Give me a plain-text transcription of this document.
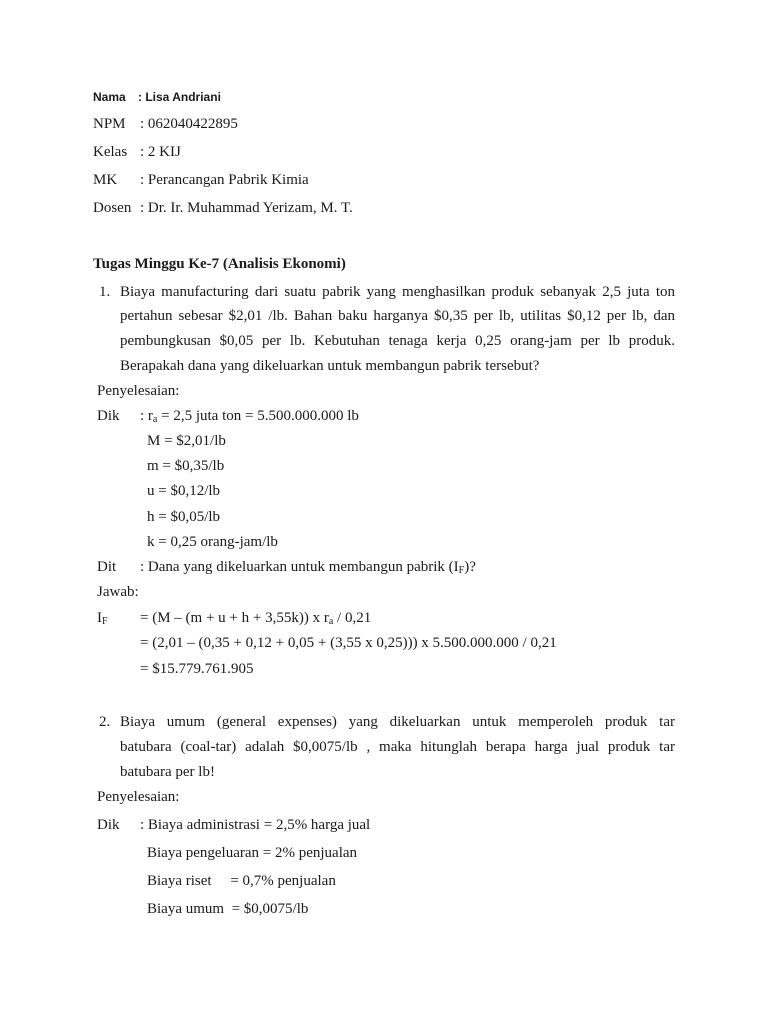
Nama : Lisa Andriani
NPM : 062040422895
Kelas : 2 KIJ
MK : Perancangan Pabrik Kimia
Dosen : Dr. Ir. Muhammad Yerizam, M. T.
Tugas Minggu Ke-7 (Analisis Ekonomi)
1. Biaya manufacturing dari suatu pabrik yang menghasilkan produk sebanyak 2,5 juta ton
pertahun sebesar $2,01 /lb. Bahan baku harganya $0,35 per lb, utilitas $0,12 per lb, dan
pembungkusan $0,05 per lb. Kebutuhan tenaga kerja 0,25 orang-jam per lb produk.
Berapakah dana yang dikeluarkan untuk membangun pabrik tersebut?
Penyelesaian:
Dik : $r_a = 2,5$ juta ton = 5.500.000.000 lb
M = $2,01/lb
m = $0,35/lb
u = $0,12/lb
h = $0,05/lb
k = 0,25 orang-jam/lb
Dit : Dana yang dikeluarkan untuk membangun pabrik $(I_F)$?
Jawab:
$I_F = (M - (m + u + h + 3,55k))$ x $r_a / 0,21$
= (2,01 – (0,35 + 0,12 + 0,05 + (3,55 x 0,25))) x 5.500.000.000 / 0,21
= $15.779.761.905
2. Biaya umum (general expenses) yang dikeluarkan untuk memperoleh produk tar
batubara (coal-tar) adalah $0,0075/lb , maka hitunglah berapa harga jual produk tar
batubara per lb!
Penyelesaian:
Dik : Biaya administrasi = 2,5% harga jual
Biaya pengeluaran = 2% penjualan
Biaya riset     = 0,7% penjualan
Biaya umum  = $0,0075/lb
